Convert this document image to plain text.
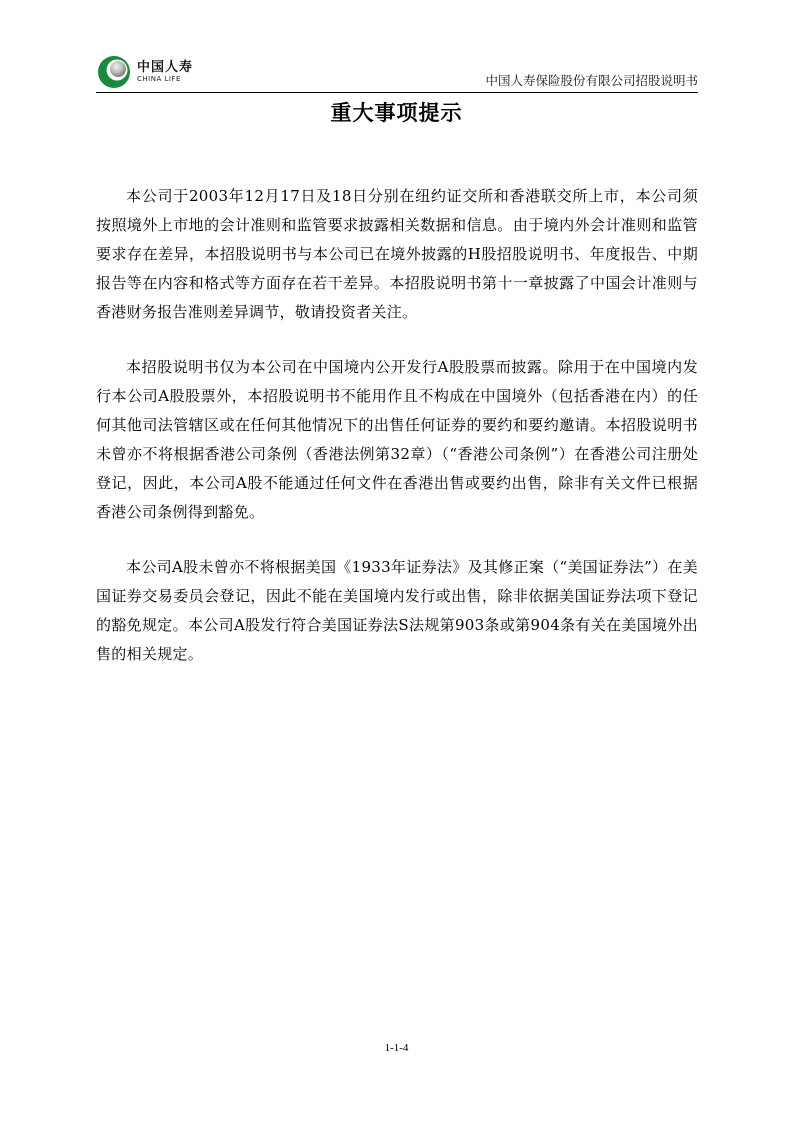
中国人寿
CHINA LIFE	中国人寿保险股份有限公司招股说明书
重大事项提示

本公司于2003年12月17日及18日分别在纽约证交所和香港联交所上市，本公司须按照境外上市地的会计准则和监管要求披露相关数据和信息。由于境内外会计准则和监管要求存在差异，本招股说明书与本公司已在境外披露的H股招股说明书、年度报告、中期报告等在内容和格式等方面存在若干差异。本招股说明书第十一章披露了中国会计准则与香港财务报告准则差异调节，敬请投资者关注。

本招股说明书仅为本公司在中国境内公开发行A股股票而披露。除用于在中国境内发行本公司A股股票外，本招股说明书不能用作且不构成在中国境外（包括香港在内）的任何其他司法管辖区或在任何其他情况下的出售任何证券的要约和要约邀请。本招股说明书未曾亦不将根据香港公司条例（香港法例第32章）（“香港公司条例”）在香港公司注册处登记，因此，本公司A股不能通过任何文件在香港出售或要约出售，除非有关文件已根据香港公司条例得到豁免。

本公司A股未曾亦不将根据美国《1933年证券法》及其修正案（“美国证券法”）在美国证券交易委员会登记，因此不能在美国境内发行或出售，除非依据美国证券法项下登记的豁免规定。本公司A股发行符合美国证券法S法规第903条或第904条有关在美国境外出售的相关规定。

1-1-4
